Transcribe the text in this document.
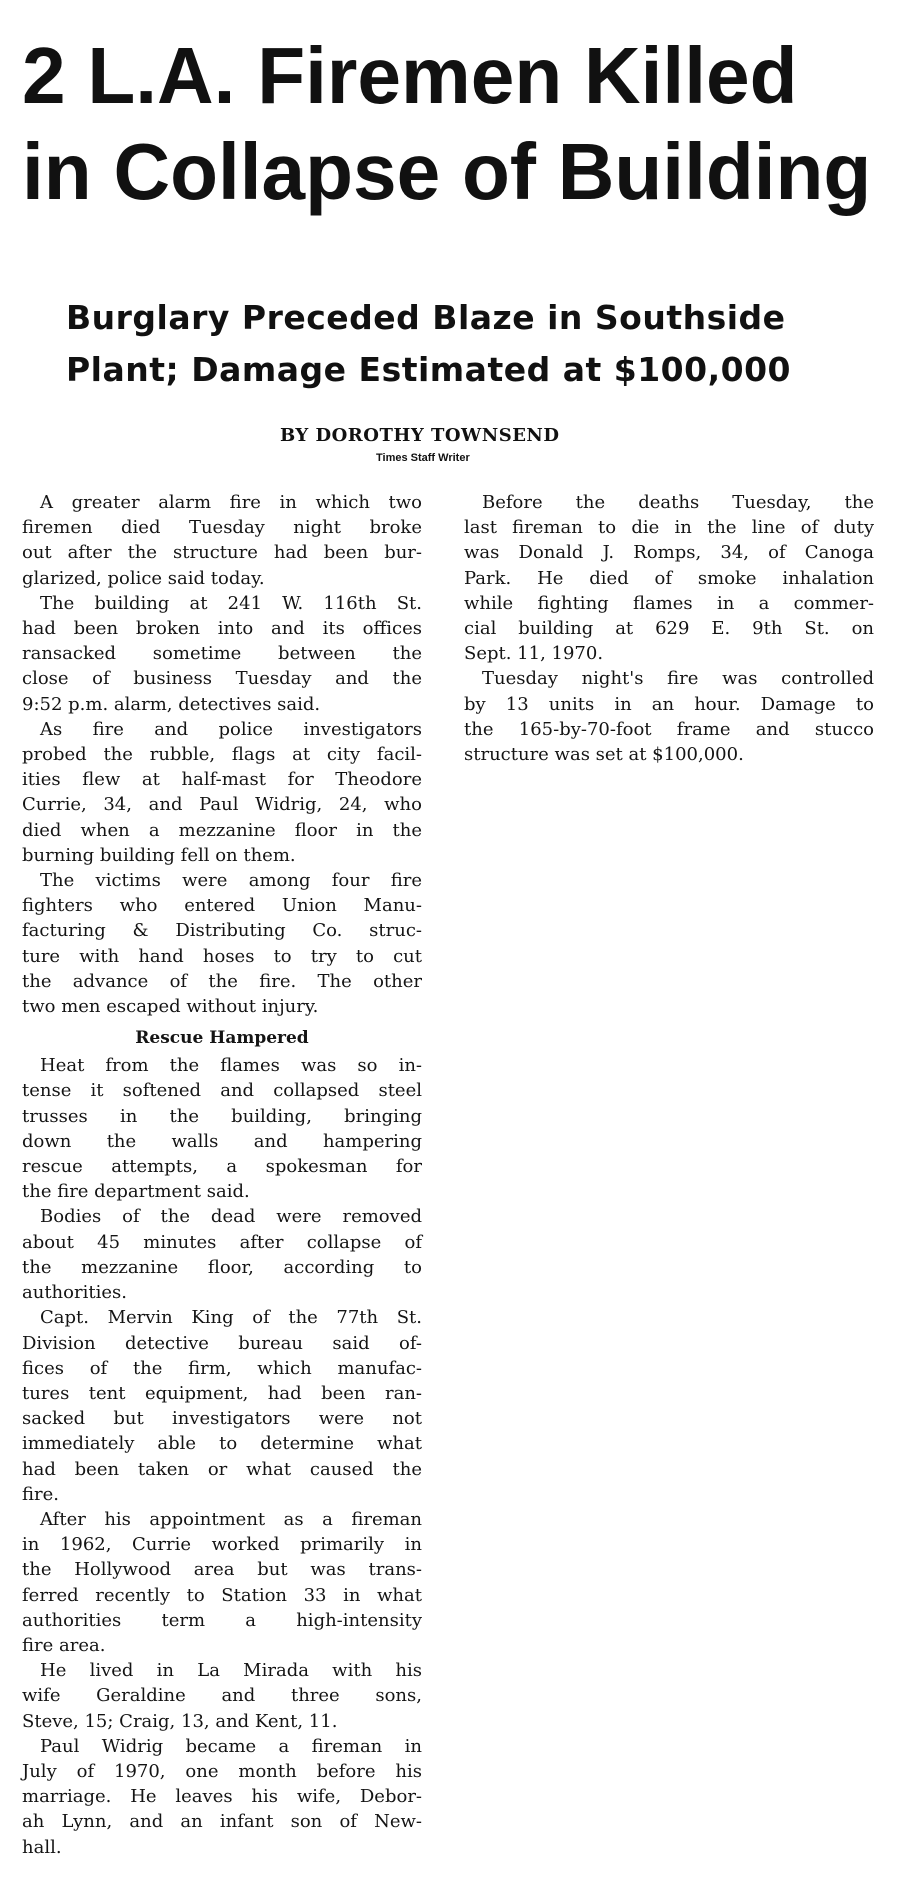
2 L.A. Firemen Killed
in Collapse of Building
Burglary Preceded Blaze in Southside
Plant; Damage Estimated at $100,000
BY DOROTHY TOWNSEND
Times Staff Writer
A greater alarm fire in which two
firemen died Tuesday night broke
out after the structure had been bur-
glarized, police said today.
The building at 241 W. 116th St.
had been broken into and its offices
ransacked sometime between the
close of business Tuesday and the
9:52 p.m. alarm, detectives said.
As fire and police investigators
probed the rubble, flags at city facil-
ities flew at half-mast for Theodore
Currie, 34, and Paul Widrig, 24, who
died when a mezzanine floor in the
burning building fell on them.
The victims were among four fire
fighters who entered Union Manu-
facturing & Distributing Co. struc-
ture with hand hoses to try to cut
the advance of the fire. The other
two men escaped without injury.
Rescue Hampered
Heat from the flames was so in-
tense it softened and collapsed steel
trusses in the building, bringing
down the walls and hampering
rescue attempts, a spokesman for
the fire department said.
Bodies of the dead were removed
about 45 minutes after collapse of
the mezzanine floor, according to
authorities.
Capt. Mervin King of the 77th St.
Division detective bureau said of-
fices of the firm, which manufac-
tures tent equipment, had been ran-
sacked but investigators were not
immediately able to determine what
had been taken or what caused the
fire.
After his appointment as a fireman
in 1962, Currie worked primarily in
the Hollywood area but was trans-
ferred recently to Station 33 in what
authorities term a high-intensity
fire area.
He lived in La Mirada with his
wife Geraldine and three sons,
Steve, 15; Craig, 13, and Kent, 11.
Paul Widrig became a fireman in
July of 1970, one month before his
marriage. He leaves his wife, Debor-
ah Lynn, and an infant son of New-
hall.
Before the deaths Tuesday, the
last fireman to die in the line of duty
was Donald J. Romps, 34, of Canoga
Park. He died of smoke inhalation
while fighting flames in a commer-
cial building at 629 E. 9th St. on
Sept. 11, 1970.
Tuesday night's fire was controlled
by 13 units in an hour. Damage to
the 165-by-70-foot frame and stucco
structure was set at $100,000.
